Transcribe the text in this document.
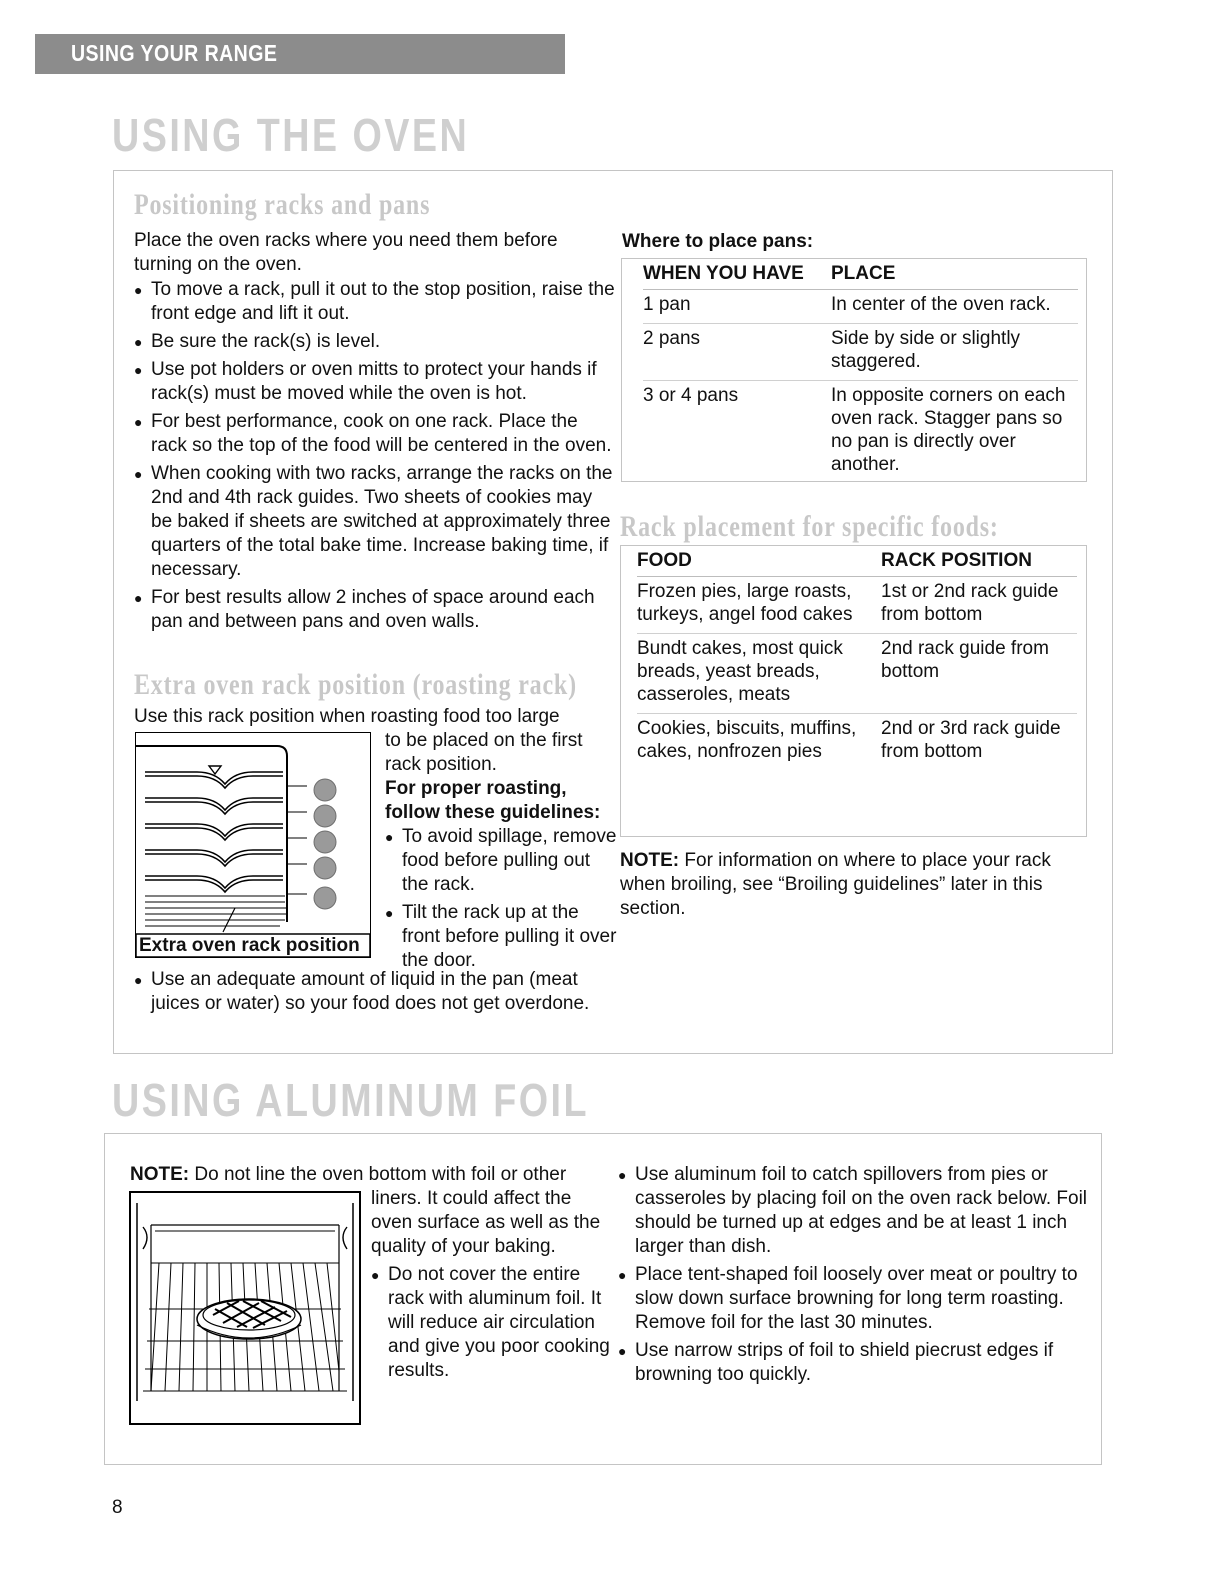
USING YOUR RANGE
USING THE OVEN
Positioning racks and pans

Place the oven racks where you need them before turning on the oven.

● To move a rack, pull it out to the stop position, raise the front edge and lift it out.
● Be sure the rack(s) is level.
● Use pot holders or oven mitts to protect your hands if rack(s) must be moved while the oven is hot.
● For best performance, cook on one rack. Place the rack so the top of the food will be centered in the oven.
● When cooking with two racks, arrange the racks on the 2nd and 4th rack guides. Two sheets of cookies may be baked if sheets are switched at approximately three quarters of the total bake time. Increase baking time, if necessary.
● For best results allow 2 inches of space around each pan and between pans and oven walls.
Extra oven rack position (roasting rack)
Use this rack position when roasting food too large
Extra oven rack position

to be placed on the first rack position.

For proper roasting, follow these guidelines:

● To avoid spillage, remove food before pulling out the rack.
● Tilt the rack up at the front before pulling it over the door.
● Use an adequate amount of liquid in the pan (meat juices or water) so your food does not get overdone.
Where to place pans:
WHEN YOU HAVE	PLACE
1 pan	In center of the oven rack.
2 pans	Side by side or slightly staggered.
3 or 4 pans	In opposite corners on each oven rack. Stagger pans so no pan is directly over another.
Rack placement for specific foods:
FOOD	RACK POSITION
Frozen pies, large roasts, turkeys, angel food cakes	1st or 2nd rack guide from bottom
Bundt cakes, most quick breads, yeast breads, casseroles, meats	2nd rack guide from bottom
Cookies, biscuits, muffins, cakes, nonfrozen pies	2nd or 3rd rack guide from bottom
NOTE: For information on where to place your rack when broiling, see “Broiling guidelines” later in this section.
USING ALUMINUM FOIL
NOTE: Do not line the oven bottom with foil or other

liners. It could affect the oven surface as well as the quality of your baking.

● Do not cover the entire rack with aluminum foil. It will reduce air circulation and give you poor cooking results.
● Use aluminum foil to catch spillovers from pies or casseroles by placing foil on the oven rack below. Foil should be turned up at edges and be at least 1 inch larger than dish.
● Place tent-shaped foil loosely over meat or poultry to slow down surface browning for long term roasting. Remove foil for the last 30 minutes.
● Use narrow strips of foil to shield piecrust edges if browning too quickly.
8
